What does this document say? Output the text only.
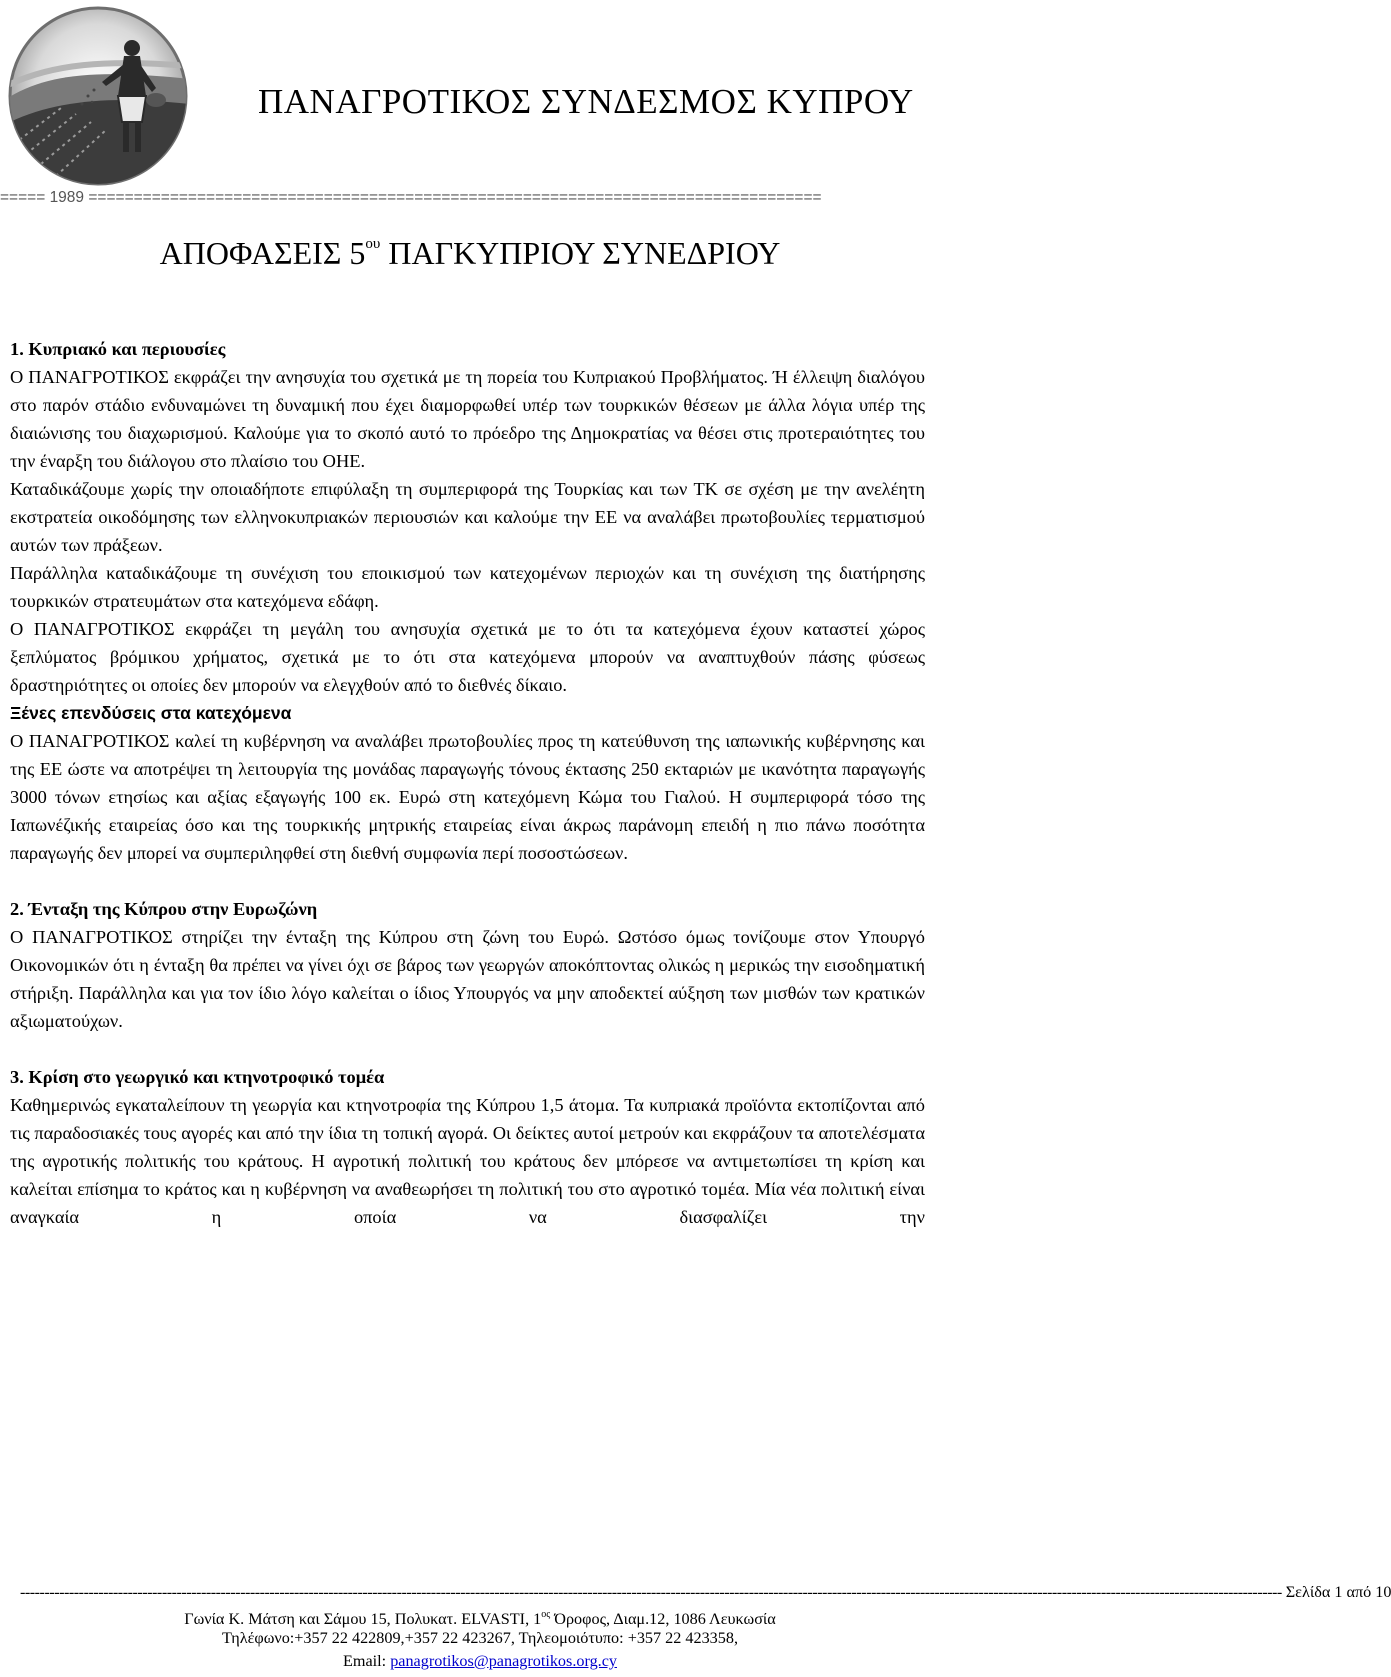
ΠΑΝΑΓΡΟΤΙΚΟΣ ΣΥΝΔΕΣΜΟΣ ΚΥΠΡΟΥ
===== 1989 =================================================================================
ΑΠΟΦΑΣΕΙΣ $5^{o\upsilon}$ ΠΑΓΚΥΠΡΙΟΥ ΣΥΝΕΔΡΙΟΥ
1. Κυπριακό και περιουσίες

Ο ΠΑΝΑΓΡΟΤΙΚΟΣ εκφράζει την ανησυχία του σχετικά με τη πορεία του Κυπριακού Προβλήματος. Ή έλλειψη διαλόγου στο παρόν στάδιο ενδυναμώνει τη δυναμική που έχει διαμορφωθεί υπέρ των τουρκικών θέσεων με άλλα λόγια υπέρ της διαιώνισης του διαχωρισμού. Καλούμε για το σκοπό αυτό το πρόεδρο της Δημοκρατίας να θέσει στις προτεραιότητες του την έναρξη του διάλογου στο πλαίσιο του ΟΗΕ.

Καταδικάζουμε χωρίς την οποιαδήποτε επιφύλαξη τη συμπεριφορά της Τουρκίας και των ΤΚ σε σχέση με την ανελέητη εκστρατεία οικοδόμησης των ελληνοκυπριακών περιουσιών και καλούμε την ΕΕ να αναλάβει πρωτοβουλίες τερματισμού αυτών των πράξεων.

Παράλληλα καταδικάζουμε τη συνέχιση του εποικισμού των κατεχομένων περιοχών και τη συνέχιση της διατήρησης τουρκικών στρατευμάτων στα κατεχόμενα εδάφη.

Ο ΠΑΝΑΓΡΟΤΙΚΟΣ εκφράζει τη μεγάλη του ανησυχία σχετικά με το ότι τα κατεχόμενα έχουν καταστεί χώρος ξεπλύματος βρόμικου χρήματος, σχετικά με το ότι στα κατεχόμενα μπορούν να αναπτυχθούν πάσης φύσεως δραστηριότητες οι οποίες δεν μπορούν να ελεγχθούν από το διεθνές δίκαιο.

Ξένες επενδύσεις στα κατεχόμενα

Ο ΠΑΝΑΓΡΟΤΙΚΟΣ καλεί τη κυβέρνηση να αναλάβει πρωτοβουλίες προς τη κατεύθυνση της ιαπωνικής κυβέρνησης και της ΕΕ ώστε να αποτρέψει τη λειτουργία της μονάδας παραγωγής τόνους έκτασης 250 εκταριών με ικανότητα παραγωγής 3000 τόνων ετησίως και αξίας εξαγωγής 100 εκ. Ευρώ στη κατεχόμενη Κώμα του Γιαλού. Η συμπεριφορά τόσο της Ιαπωνέζικής εταιρείας όσο και της τουρκικής μητρικής εταιρείας είναι άκρως παράνομη επειδή η πιο πάνω ποσότητα παραγωγής δεν μπορεί να συμπεριληφθεί στη διεθνή συμφωνία περί ποσοστώσεων.

2. Ένταξη της Κύπρου στην Ευρωζώνη

Ο ΠΑΝΑΓΡΟΤΙΚΟΣ στηρίζει την ένταξη της Κύπρου στη ζώνη του Ευρώ. Ωστόσο όμως τονίζουμε στον Υπουργό Οικονομικών ότι η ένταξη θα πρέπει να γίνει όχι σε βάρος των γεωργών αποκόπτοντας ολικώς η μερικώς την εισοδηματική στήριξη. Παράλληλα και για τον ίδιο λόγο καλείται ο ίδιος Υπουργός να μην αποδεκτεί αύξηση των μισθών των κρατικών αξιωματούχων.

3. Κρίση στο γεωργικό και κτηνοτροφικό τομέα

Καθημερινώς εγκαταλείπουν τη γεωργία και κτηνοτροφία της Κύπρου 1,5 άτομα. Τα κυπριακά προϊόντα εκτοπίζονται από τις παραδοσιακές τους αγορές και από την ίδια τη τοπική αγορά. Οι δείκτες αυτοί μετρούν και εκφράζουν τα αποτελέσματα της αγροτικής πολιτικής του κράτους. Η αγροτική πολιτική του κράτους δεν μπόρεσε να αντιμετωπίσει τη κρίση και καλείται επίσημα το κράτος και η κυβέρνηση να αναθεωρήσει τη πολιτική του στο αγροτικό τομέα. Μία νέα πολιτική είναι αναγκαία η οποία να διασφαλίζει την

------------------------------------------------------------------------------------------------------------------------------------------------------------------------------------------------------------------------------------------------------------------ Σελίδα 1 από 10
Γωνία Κ. Μάτση και Σάμου 15, Πολυκατ. ELVASTI, $1^{o\varsigma}$ Όροφος, Διαμ.12, 1086 Λευκωσία
Τηλέφωνο:+357 22 422809,+357 22 423267, Τηλεομοιότυπο: +357 22 423358,
Email: panagrotikos@panagrotikos.org.cy
